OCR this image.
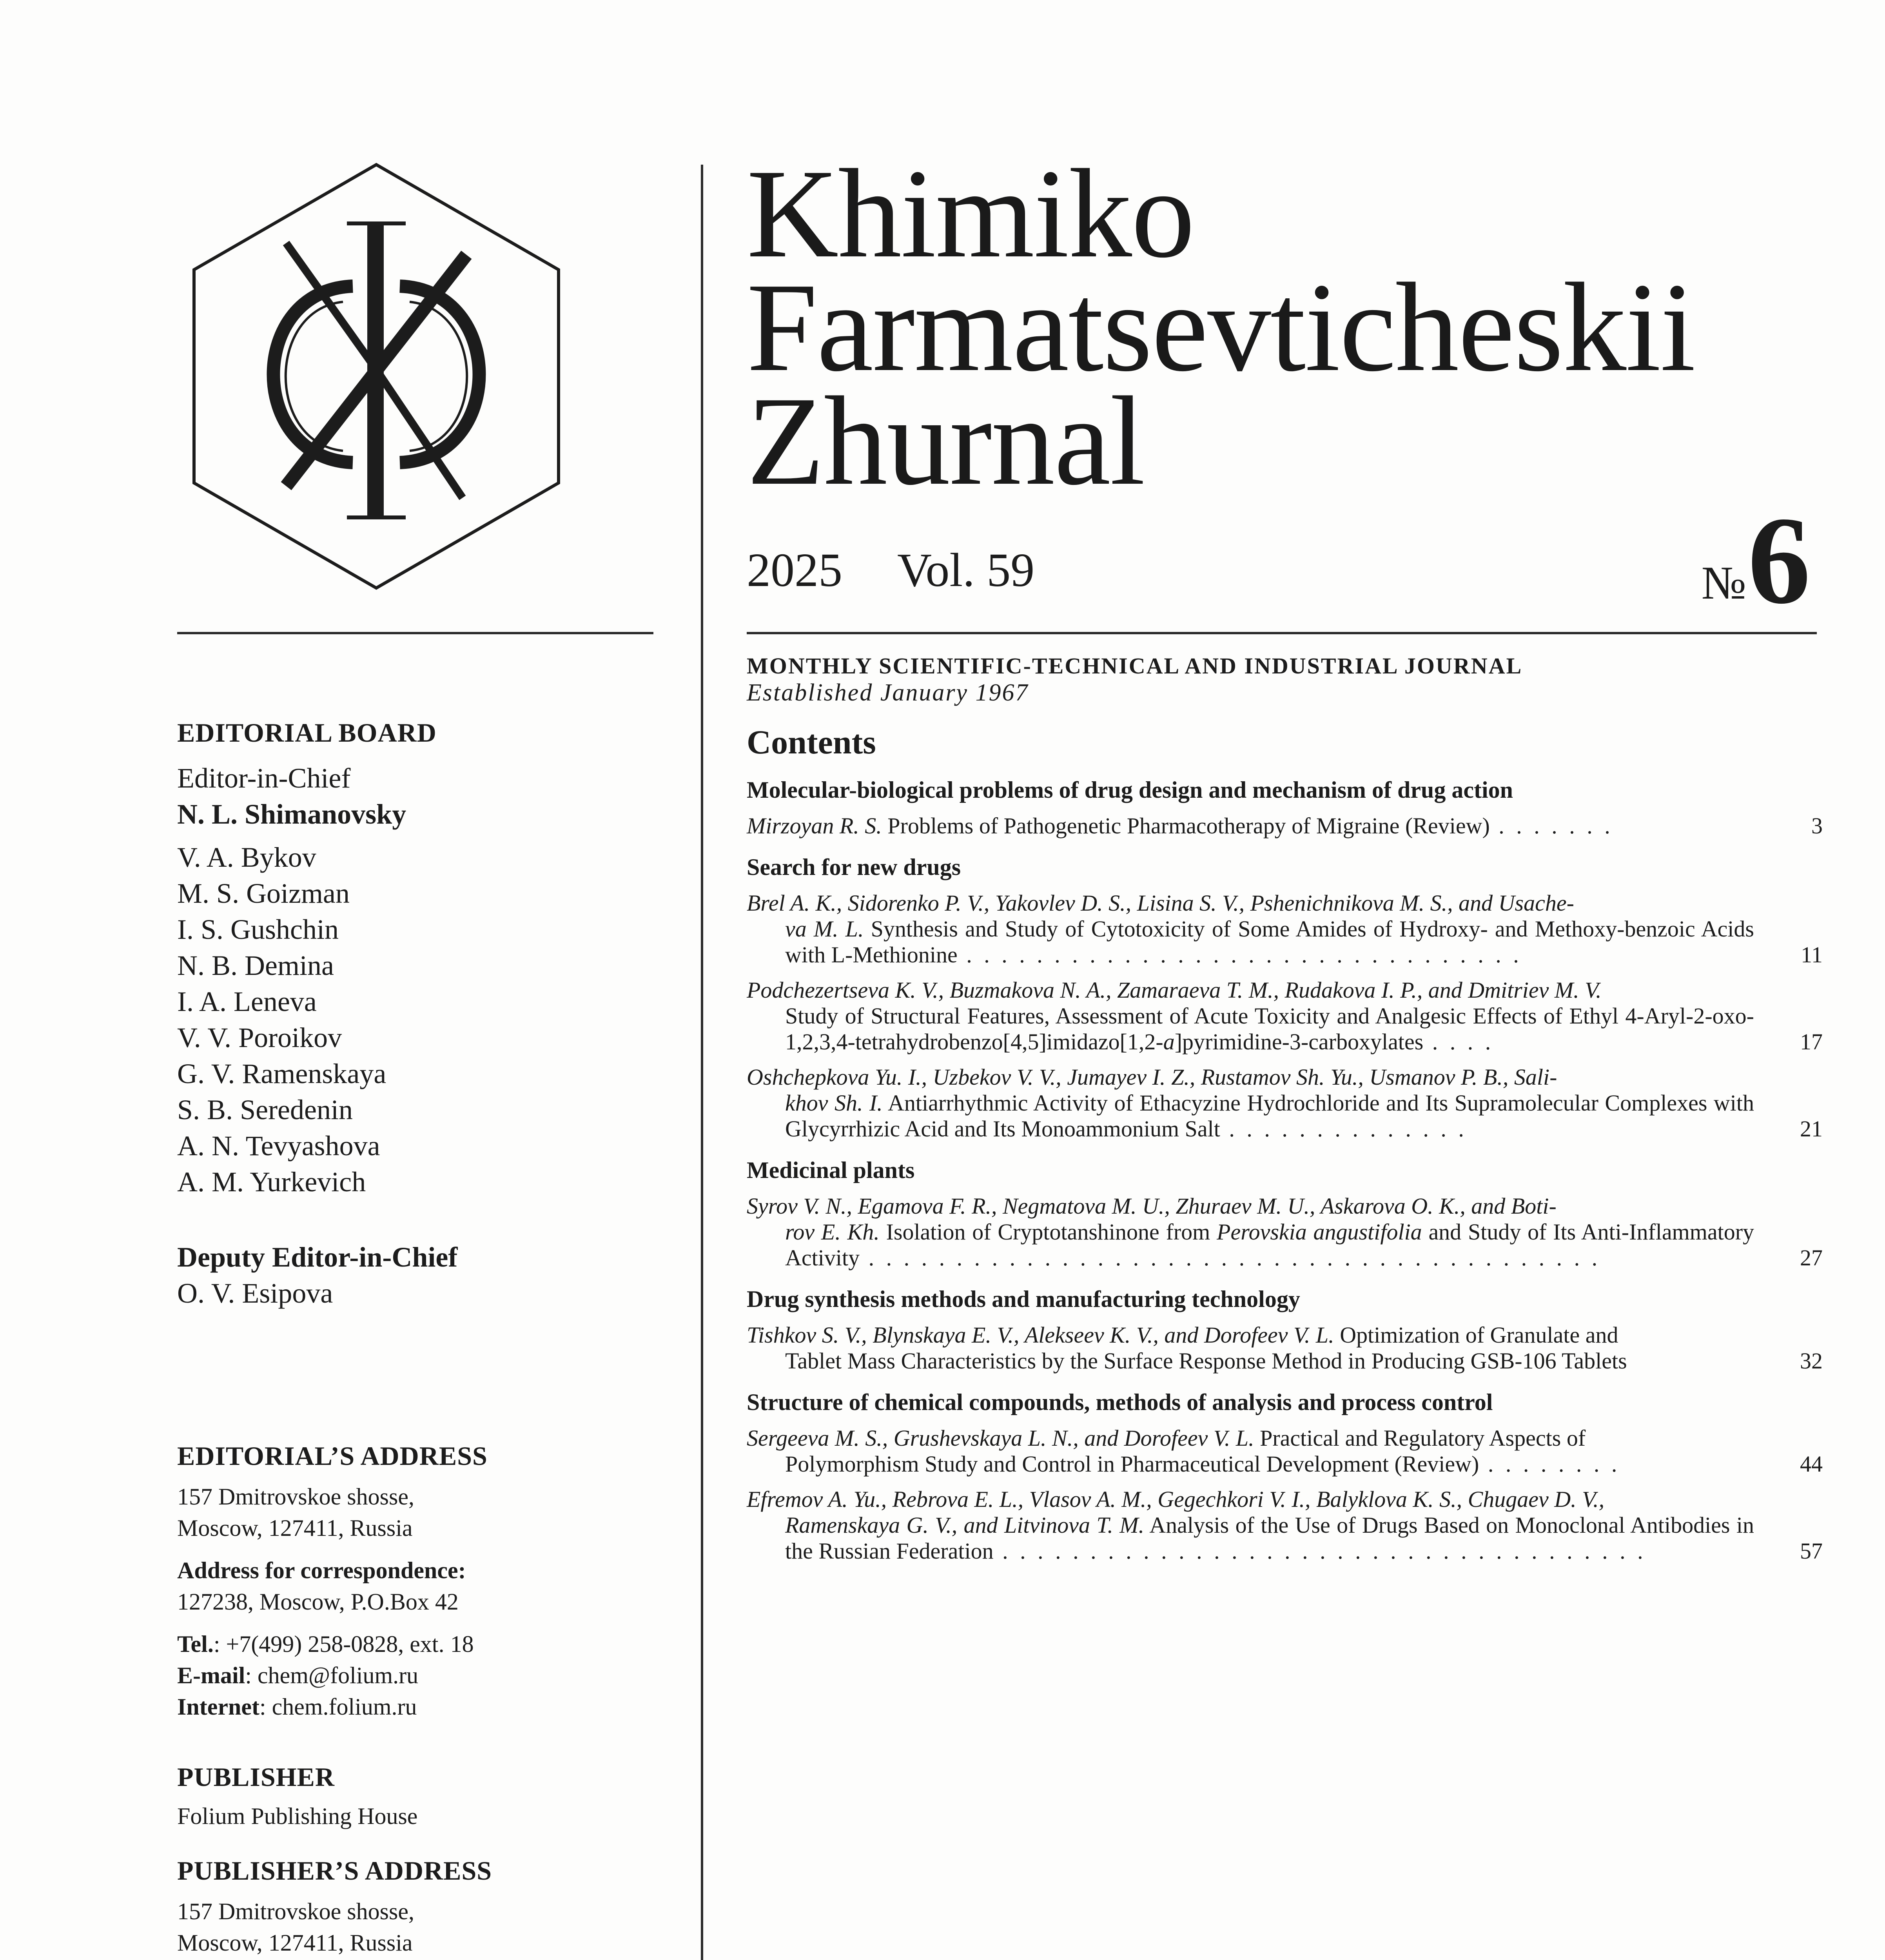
Khimiko
Farmatsevticheskii
Zhurnal
2025 Vol. 59	№ 6
EDITORIAL BOARD
Editor-in-Chief
N. L. Shimanovsky
V. A. Bykov
M. S. Goizman
I. S. Gushchin
N. B. Demina
I. A. Leneva
V. V. Poroikov
G. V. Ramenskaya
S. B. Seredenin
A. N. Tevyashova
A. M. Yurkevich
Deputy Editor-in-Chief
O. V. Esipova
EDITORIAL’S ADDRESS
157 Dmitrovskoe shosse,
Moscow, 127411, Russia
Address for correspondence:
127238, Moscow, P.O.Box 42
Tel.: +7(499) 258-0828, ext. 18
E-mail: chem@folium.ru
Internet: chem.folium.ru
PUBLISHER
Folium Publishing House
PUBLISHER’S ADDRESS
157 Dmitrovskoe shosse,
Moscow, 127411, Russia
MONTHLY SCIENTIFIC-TECHNICAL AND INDUSTRIAL JOURNAL
Established January 1967
Contents
Molecular-biological problems of drug design and mechanism of drug action
Mirzoyan R. S. Problems of Pathogenetic Pharmacotherapy of Migraine (Review) . . . . . . .	3
Search for new drugs
Brel A. K., Sidorenko P. V., Yakovlev D. S., Lisina S. V., Pshenichnikova M. S., and Usache-
va M. L. Synthesis and Study of Cytotoxicity of Some Amides of Hydroxy- and Methoxy-benzoic Acids with L-Methionine . . . . . . . . . . . . . . . . . . . . . . . . . . . . . . . .	11
Podchezertseva K. V., Buzmakova N. A., Zamaraeva T. M., Rudakova I. P., and Dmitriev M. V.
Study of Structural Features, Assessment of Acute Toxicity and Analgesic Effects of Ethyl 4-Aryl-2-oxo-1,2,3,4-tetrahydrobenzo[4,5]imidazo[1,2-a]pyrimidine-3-carboxylates . . . .	17
Oshchepkova Yu. I., Uzbekov V. V., Jumayev I. Z., Rustamov Sh. Yu., Usmanov P. B., Sali-
khov Sh. I. Antiarrhythmic Activity of Ethacyzine Hydrochloride and Its Supramolecular Complexes with Glycyrrhizic Acid and Its Monoammonium Salt . . . . . . . . . . . . . .	21
Medicinal plants
Syrov V. N., Egamova F. R., Negmatova M. U., Zhuraev M. U., Askarova O. K., and Boti-
rov E. Kh. Isolation of Cryptotanshinone from Perovskia angustifolia and Study of Its Anti-Inflammatory Activity . . . . . . . . . . . . . . . . . . . . . . . . . . . . . . . . . . . . . . . . . .	27
Drug synthesis methods and manufacturing technology
Tishkov S. V., Blynskaya E. V., Alekseev K. V., and Dorofeev V. L. Optimization of Granulate and
Tablet Mass Characteristics by the Surface Response Method in Producing GSB-106 Tablets	32
Structure of chemical compounds, methods of analysis and process control
Sergeeva M. S., Grushevskaya L. N., and Dorofeev V. L. Practical and Regulatory Aspects of
Polymorphism Study and Control in Pharmaceutical Development (Review) . . . . . . . .	44
Efremov A. Yu., Rebrova E. L., Vlasov A. M., Gegechkori V. I., Balyklova K. S., Chugaev D. V.,
Ramenskaya G. V., and Litvinova T. M. Analysis of the Use of Drugs Based on Monoclonal Antibodies in the Russian Federation . . . . . . . . . . . . . . . . . . . . . . . . . . . . . . . . . . . . .	57
